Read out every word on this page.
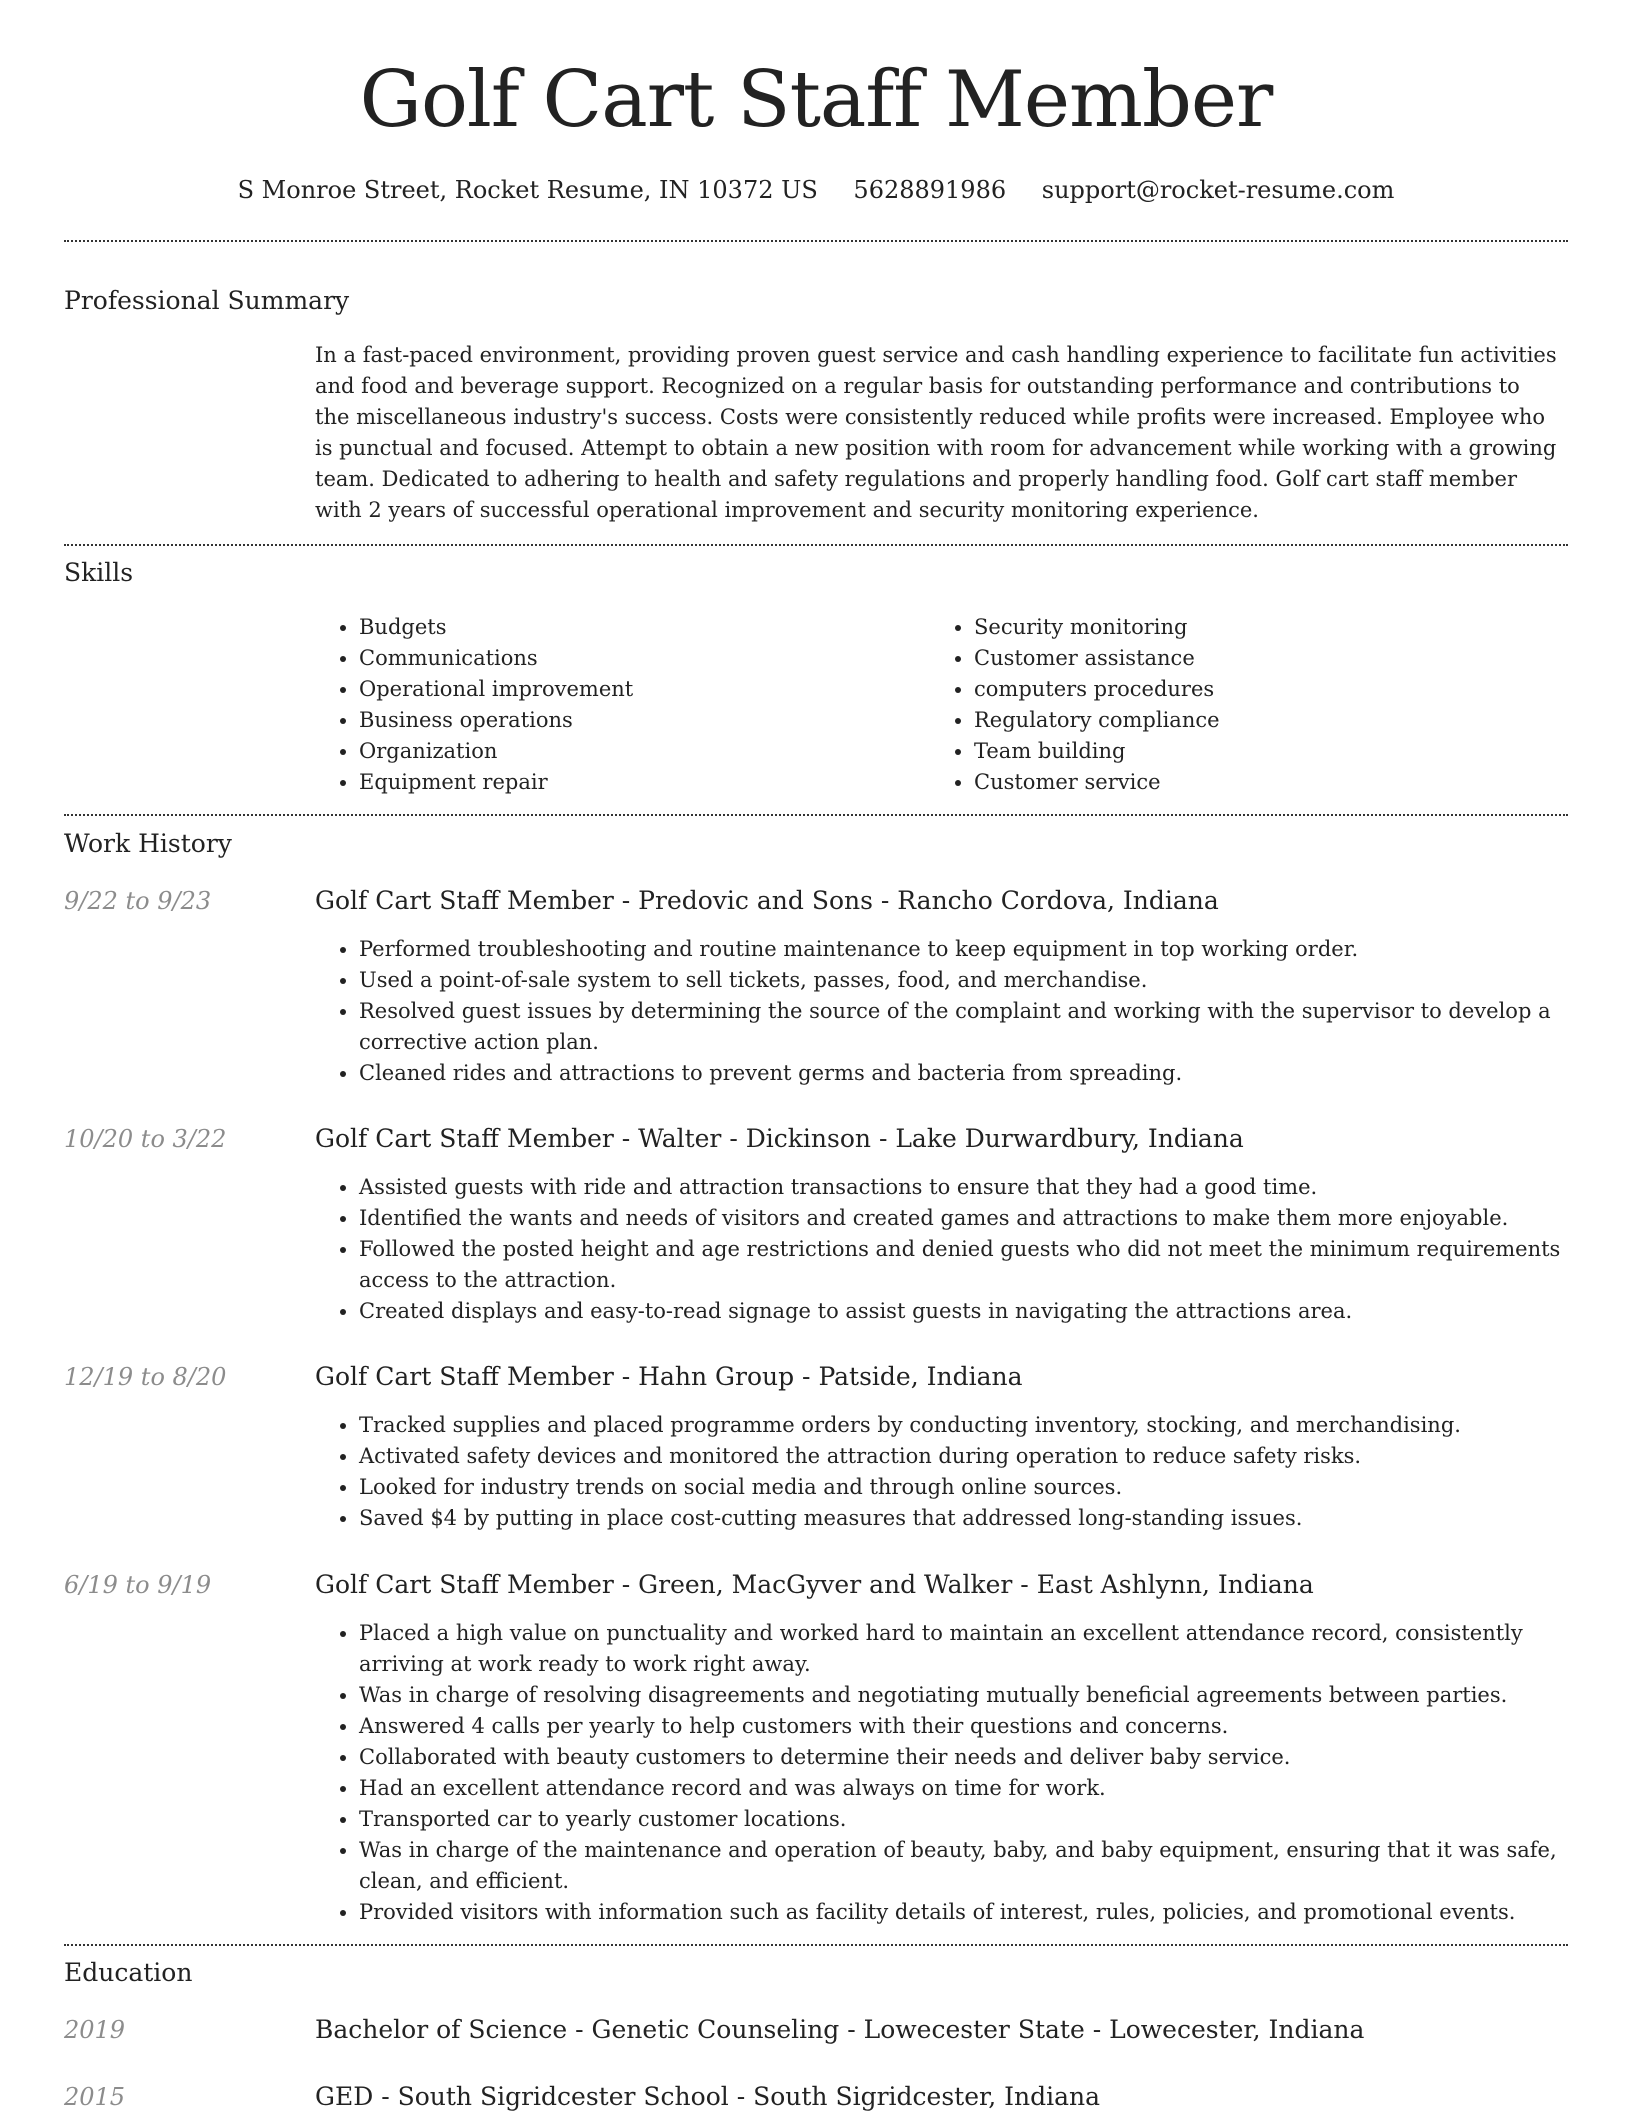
Golf Cart Staff Member
S Monroe Street, Rocket Resume, IN 10372 US 5628891986 support@rocket-resume.com
Professional Summary

In a fast-paced environment, providing proven guest service and cash handling experience to facilitate fun activities and food and beverage support. Recognized on a regular basis for outstanding performance and contributions to the miscellaneous industry's success. Costs were consistently reduced while profits were increased. Employee who is punctual and focused. Attempt to obtain a new position with room for advancement while working with a growing team. Dedicated to adhering to health and safety regulations and properly handling food. Golf cart staff member with 2 years of successful operational improvement and security monitoring experience.

Skills
• Budgets
• Communications
• Operational improvement
• Business operations
• Organization
• Equipment repair
• Security monitoring
• Customer assistance
• computers procedures
• Regulatory compliance
• Team building
• Customer service
Work History
9/22 to 9/23	Golf Cart Staff Member - Predovic and Sons - Rancho Cordova, Indiana
• Performed troubleshooting and routine maintenance to keep equipment in top working order.
• Used a point-of-sale system to sell tickets, passes, food, and merchandise.
• Resolved guest issues by determining the source of the complaint and working with the supervisor to develop a corrective action plan.
• Cleaned rides and attractions to prevent germs and bacteria from spreading.
10/20 to 3/22	Golf Cart Staff Member - Walter - Dickinson - Lake Durwardbury, Indiana
• Assisted guests with ride and attraction transactions to ensure that they had a good time.
• Identified the wants and needs of visitors and created games and attractions to make them more enjoyable.
• Followed the posted height and age restrictions and denied guests who did not meet the minimum requirements access to the attraction.
• Created displays and easy-to-read signage to assist guests in navigating the attractions area.
12/19 to 8/20	Golf Cart Staff Member - Hahn Group - Patside, Indiana
• Tracked supplies and placed programme orders by conducting inventory, stocking, and merchandising.
• Activated safety devices and monitored the attraction during operation to reduce safety risks.
• Looked for industry trends on social media and through online sources.
• Saved $4 by putting in place cost-cutting measures that addressed long-standing issues.
6/19 to 9/19	Golf Cart Staff Member - Green, MacGyver and Walker - East Ashlynn, Indiana
• Placed a high value on punctuality and worked hard to maintain an excellent attendance record, consistently arriving at work ready to work right away.
• Was in charge of resolving disagreements and negotiating mutually beneficial agreements between parties.
• Answered 4 calls per yearly to help customers with their questions and concerns.
• Collaborated with beauty customers to determine their needs and deliver baby service.
• Had an excellent attendance record and was always on time for work.
• Transported car to yearly customer locations.
• Was in charge of the maintenance and operation of beauty, baby, and baby equipment, ensuring that it was safe, clean, and efficient.
• Provided visitors with information such as facility details of interest, rules, policies, and promotional events.
Education
2019	Bachelor of Science - Genetic Counseling - Lowecester State - Lowecester, Indiana
2015	GED - South Sigridcester School - South Sigridcester, Indiana
